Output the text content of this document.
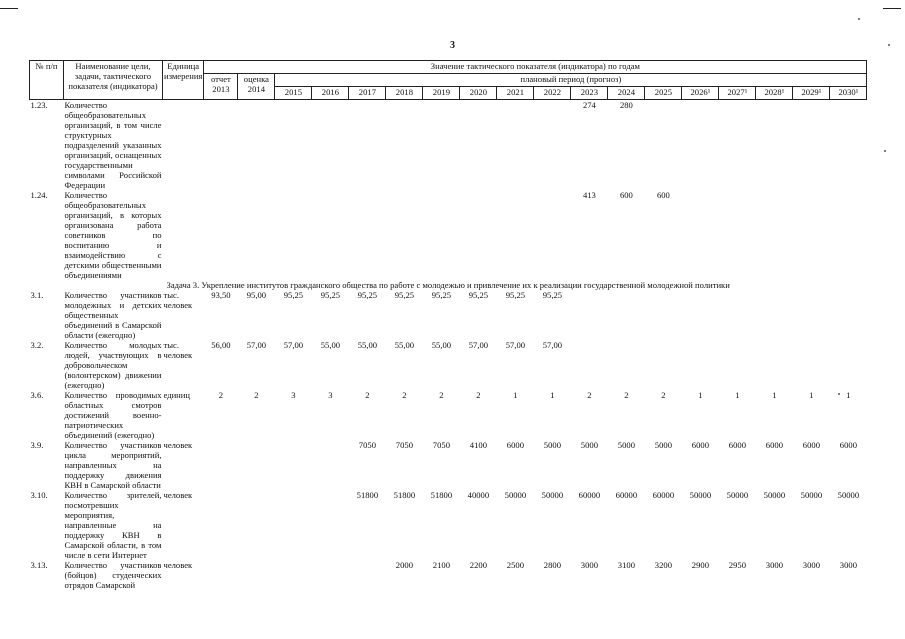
3
№ п/п	Наименование цели, задачи, тактического показателя (индикатора)	Единица измерения	Значение тактического показателя (индикатора) по годам																	
			отчет 2013	оценка 2014	плановый период (прогноз)															
					2015	2016	2017	2018	2019	2020	2021	2022	2023	2024	2025	2026¹	2027¹	2028¹	2029¹	2030¹
1.23.	Количество общеобразовательных организаций, в том числе структурных подразделений указанных организаций, оснащенных государственными символами Российской Федерации												274	280						
1.24.	Количество общеобразовательных организаций, в которых организована работа советников по воспитанию и взаимодействию с детскими общественными объединениями												413	600	600					
Задача 3. Укрепление институтов гражданского общества по работе с молодежью и привлечение их к реализации государственной молодежной политики																				
3.1.	Количество участников молодежных и детских общественных объединений в Самарской области (ежегодно)	тыс. человек	93,50	95,00	95,25	95,25	95,25	95,25	95,25	95,25	95,25	95,25								
3.2.	Количество молодых людей, участвующих в добровольческом (волонтерском) движении (ежегодно)	тыс. человек	56,00	57,00	57,00	55,00	55,00	55,00	55,00	57,00	57,00	57,00								
3.6.	Количество проводимых областных смотров достижений военно-патриотических объединений (ежегодно)	единиц	2	2	3	3	2	2	2	2	1	1	2	2	2	1	1	1	1	1
3.9.	Количество участников цикла мероприятий, направленных на поддержку движения КВН в Самарской области	человек					7050	7050	7050	4100	6000	5000	5000	5000	5000	6000	6000	6000	6000	6000
3.10.	Количество зрителей, посмотревших мероприятия, направленные на поддержку КВН в Самарской области, в том числе в сети Интернет	человек					51800	51800	51800	40000	50000	50000	60000	60000	60000	50000	50000	50000	50000	50000
3.13.	Количество участников (бойцов) студенческих отрядов Самарской	человек						2000	2100	2200	2500	2800	3000	3100	3200	2900	2950	3000	3000	3000
